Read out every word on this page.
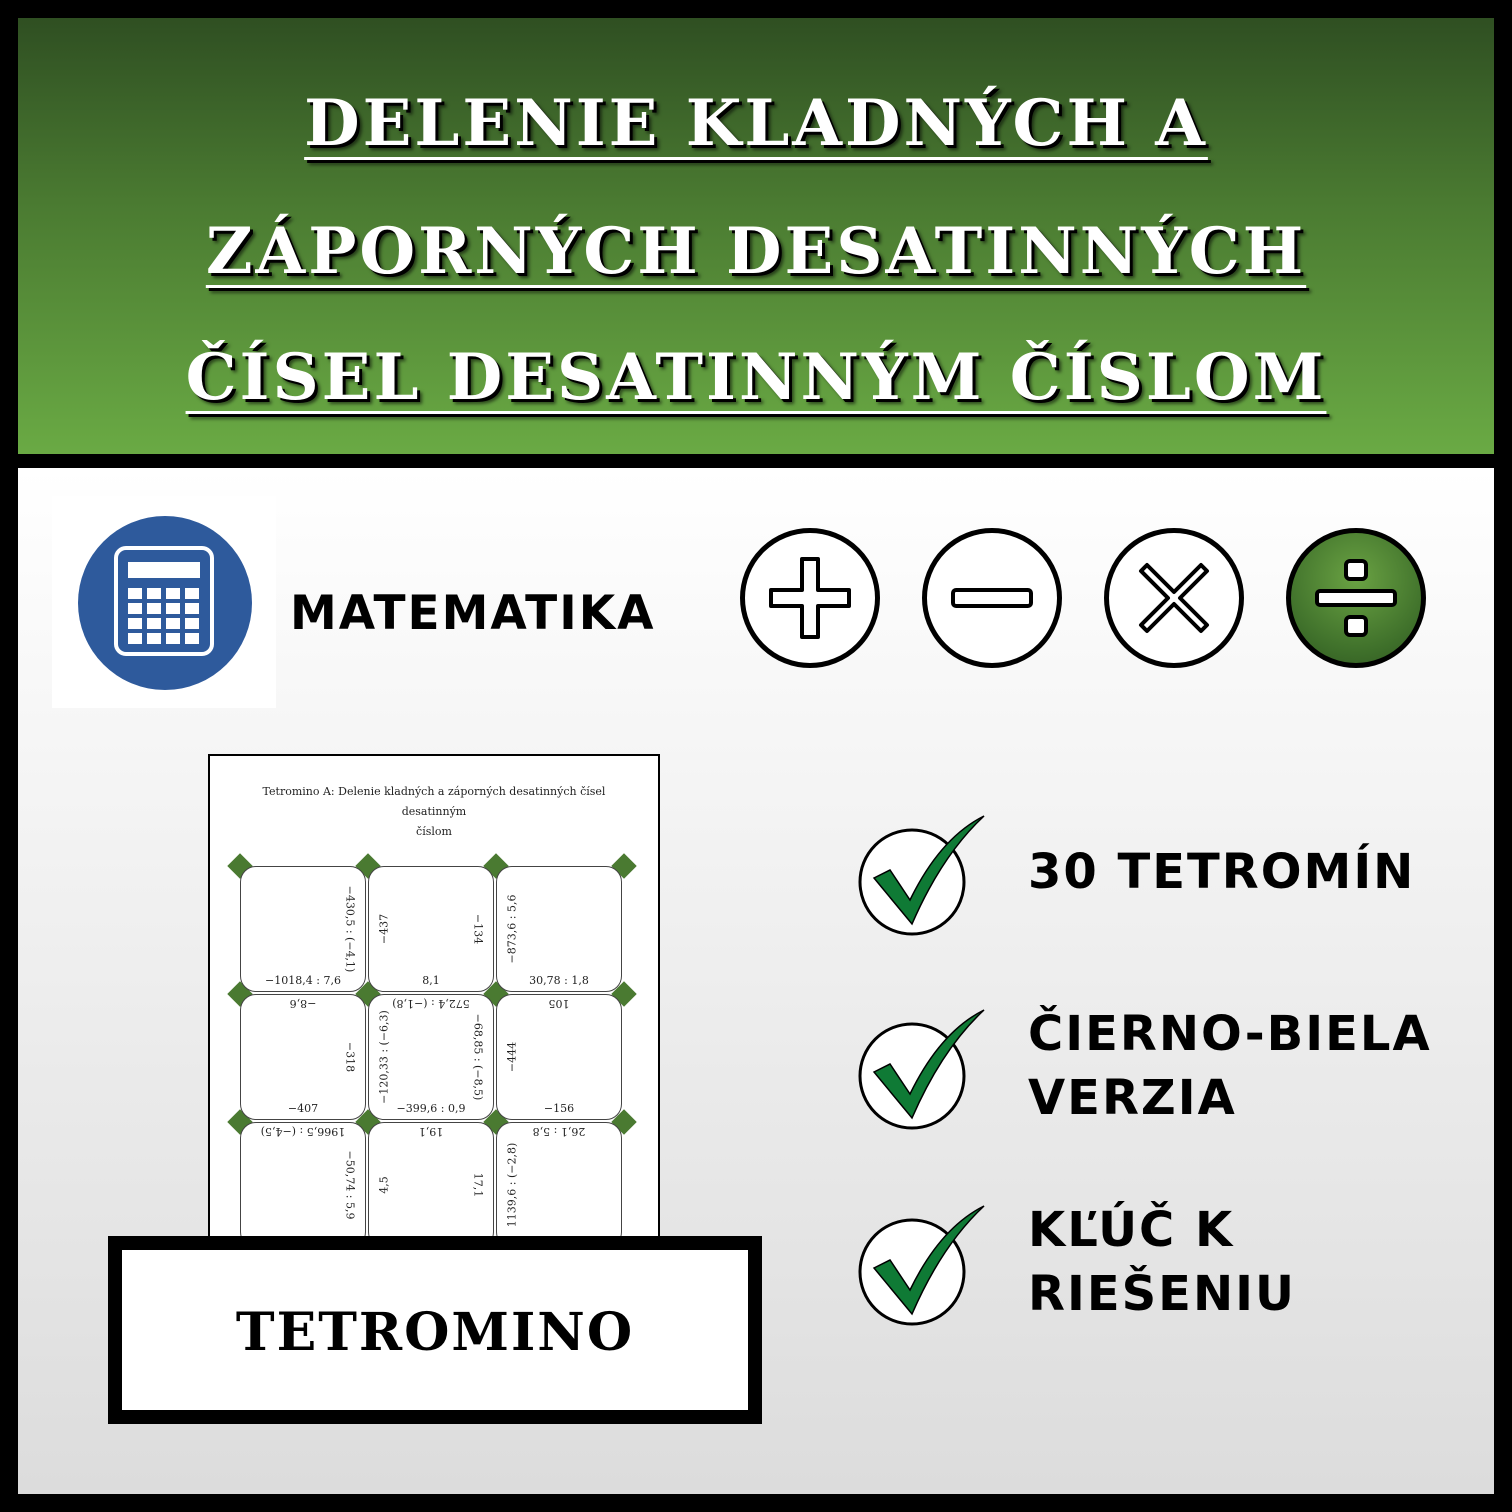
DELENIE KLADNÝCH A
ZÁPORNÝCH DESATINNÝCH
ČÍSEL DESATINNÝM ČÍSLOM
MATEMATIKA
Tetromino A: Delenie kladných a záporných desatinných čísel desatinným
číslom
−1018,4 : 7,6
−430,5 : (−4,1)
8,1
−134
−437
30,78 : 1,8
−873,6 : 5,6
−407
−8,6
−318
−399,6 : 0,9
572,4 : (−1,8)
−68,85 : (−8,5)
−120,33 : (−6,3)
−156
105
−444
1966,5 : (−4,5)
−50,74 : 5,9
19,1
17,1
4,5
26,1 : 5,8
1139,6 : (−2,8)
TETROMINO
30 TETROMÍN
ČIERNO-BIELA
VERZIA
KĽÚČ K
RIEŠENIU
